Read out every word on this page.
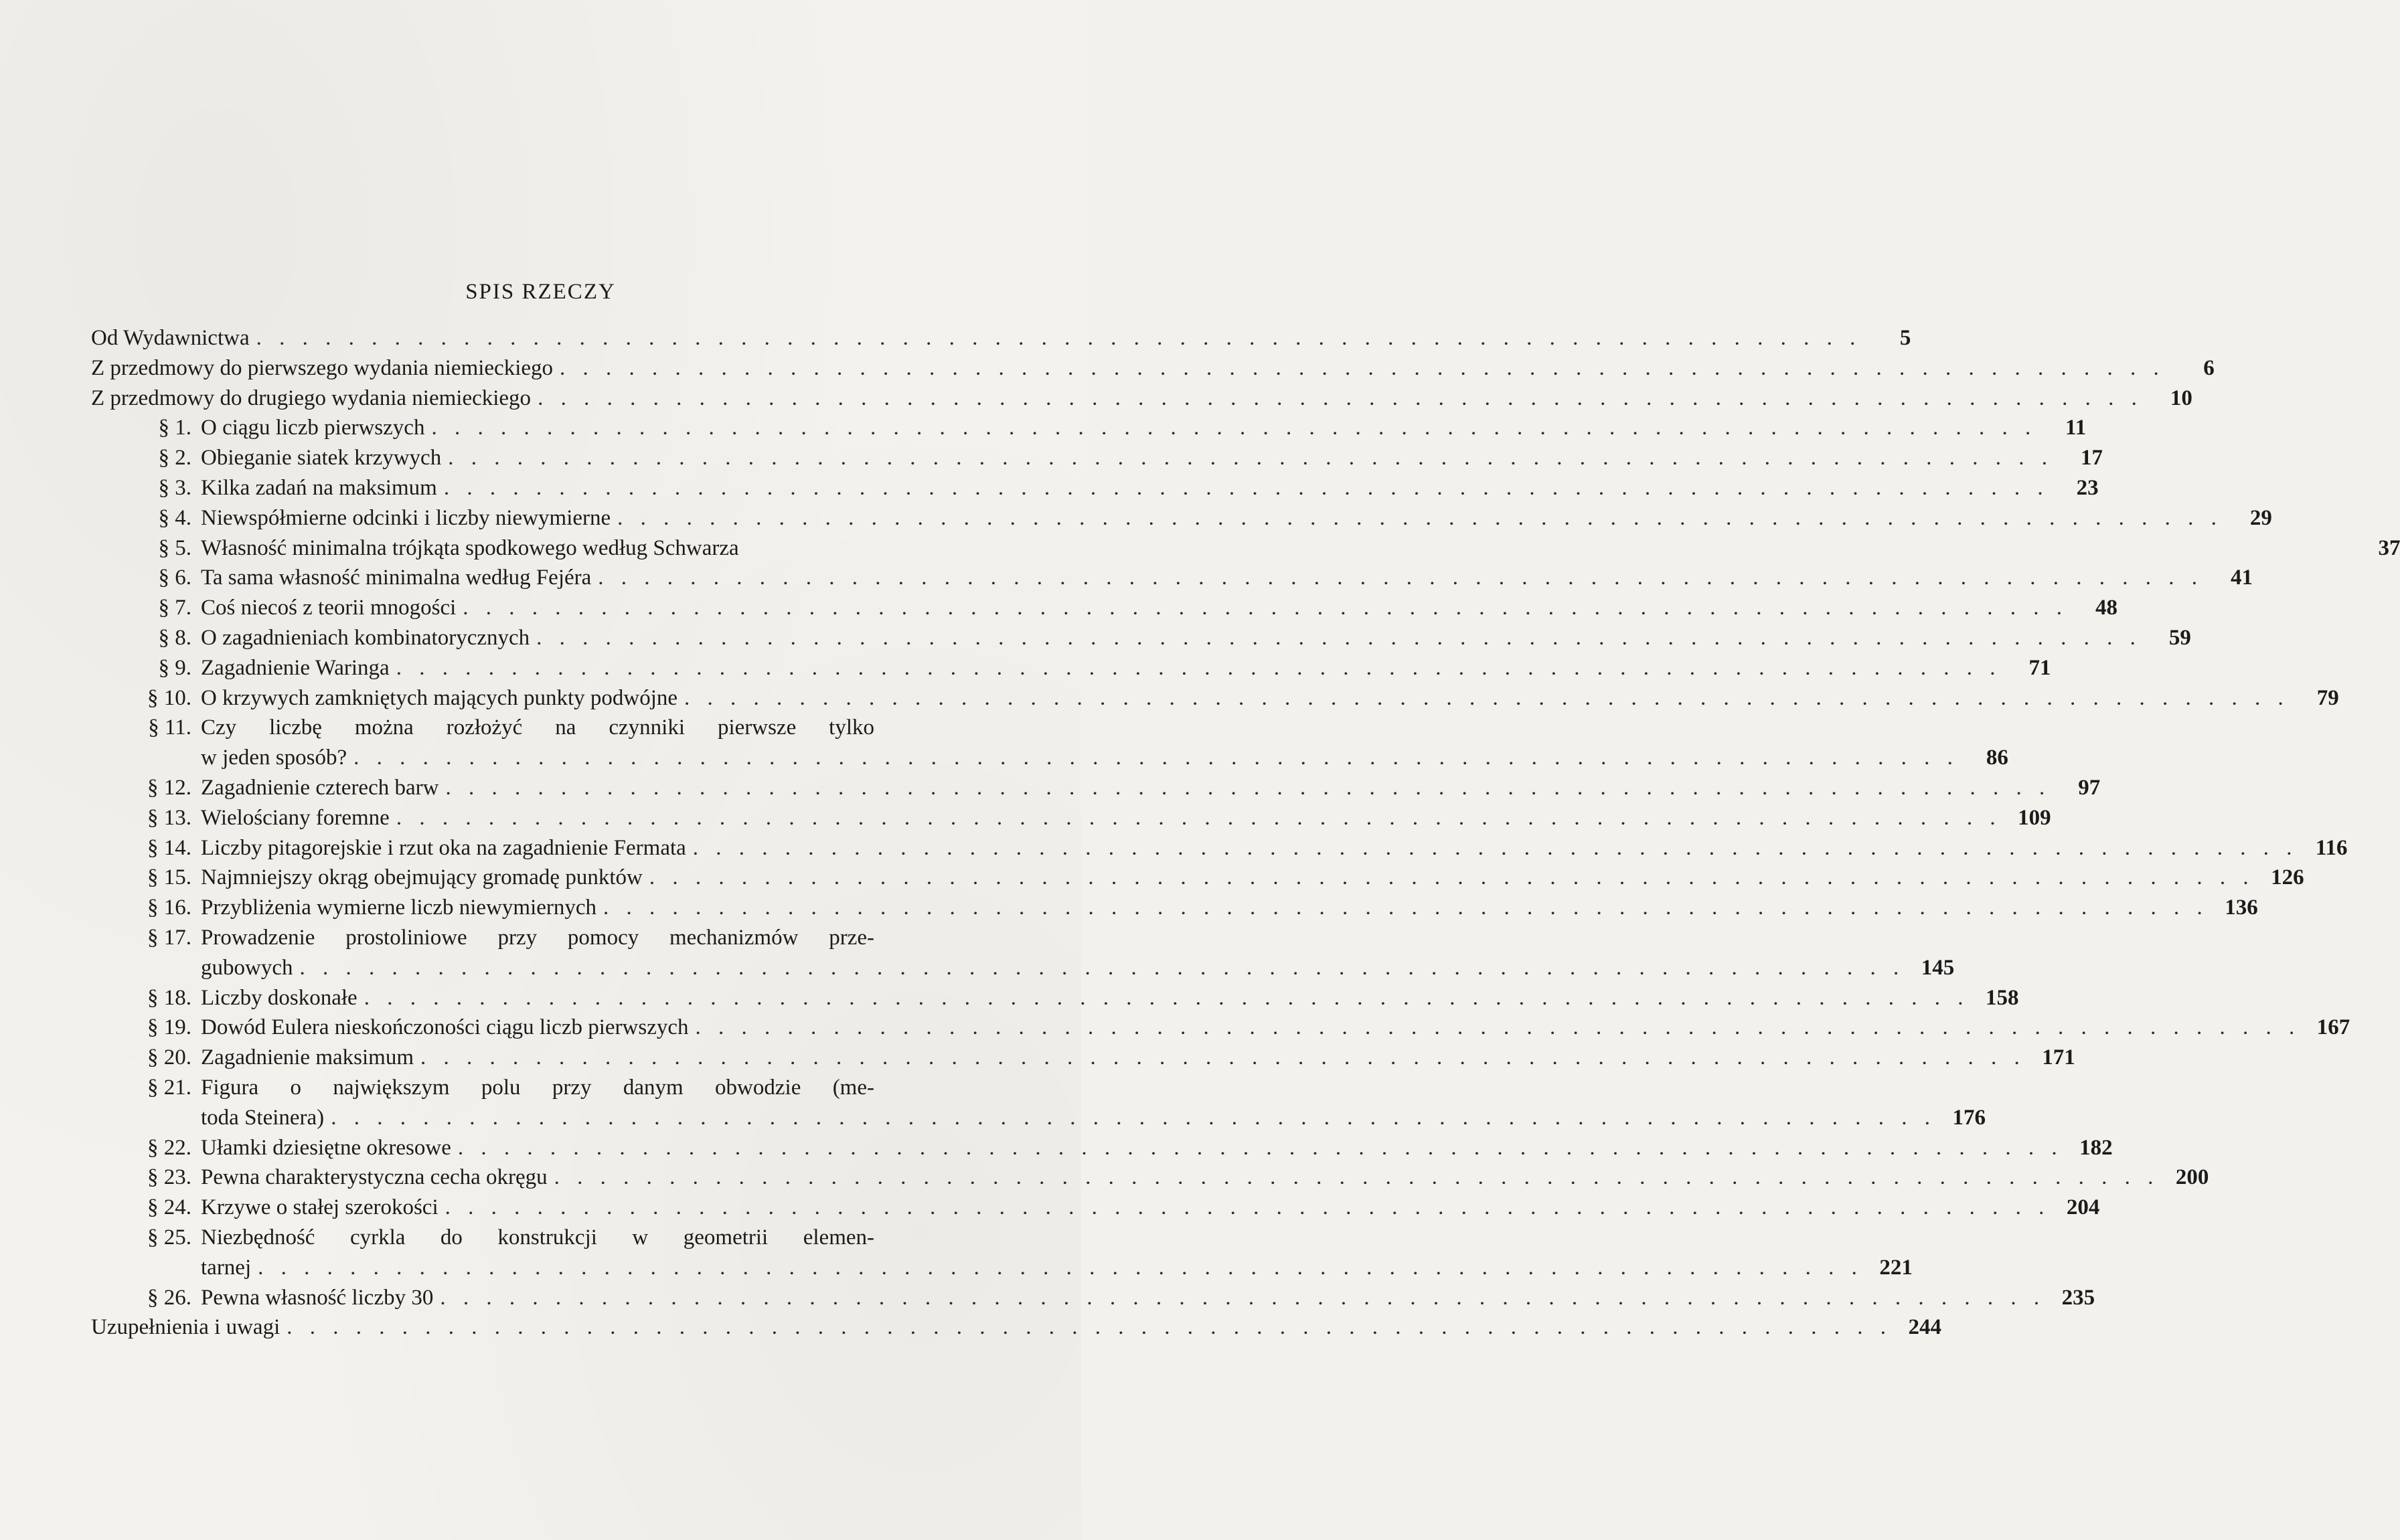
SPIS RZECZY
Od Wydawnictwa . . .	5
Z przedmowy do pierwszego wydania niemieckiego . . .	6
Z przedmowy do drugiego wydania niemieckiego . . .	10
§ 1. O ciągu liczb pierwszych . . .	11
§ 2. Obieganie siatek krzywych . . .	17
§ 3. Kilka zadań na maksimum . . .	23
§ 4. Niewspółmierne odcinki i liczby niewymierne . . .	29
§ 5. Własność minimalna trójkąta spodkowego według Schwarza	37
§ 6. Ta sama własność minimalna według Fejéra . . .	41
§ 7. Coś niecoś z teorii mnogości . . .	48
§ 8. O zagadnieniach kombinatorycznych . . .	59
§ 9. Zagadnienie Waringa . . .	71
§ 10. O krzywych zamkniętych mających punkty podwójne . . .	79
§ 11. Czy liczbę można rozłożyć na czynniki pierwsze tylko
w jeden sposób? . . .	86
§ 12. Zagadnienie czterech barw . . .	97
§ 13. Wielościany foremne . . .	109
§ 14. Liczby pitagorejskie i rzut oka na zagadnienie Fermata . . .	116
§ 15. Najmniejszy okrąg obejmujący gromadę punktów . . .	126
§ 16. Przybliżenia wymierne liczb niewymiernych . . .	136
§ 17. Prowadzenie prostoliniowe przy pomocy mechanizmów prze-
gubowych . . .	145
§ 18. Liczby doskonałe . . .	158
§ 19. Dowód Eulera nieskończoności ciągu liczb pierwszych . . .	167
§ 20. Zagadnienie maksimum . . .	171
§ 21. Figura o największym polu przy danym obwodzie (me-
toda Steinera) . . .	176
§ 22. Ułamki dziesiętne okresowe . . .	182
§ 23. Pewna charakterystyczna cecha okręgu . . .	200
§ 24. Krzywe o stałej szerokości . . .	204
§ 25. Niezbędność cyrkla do konstrukcji w geometrii elemen-
tarnej . . .	221
§ 26. Pewna własność liczby 30 . . .	235
Uzupełnienia i uwagi . . .	244
